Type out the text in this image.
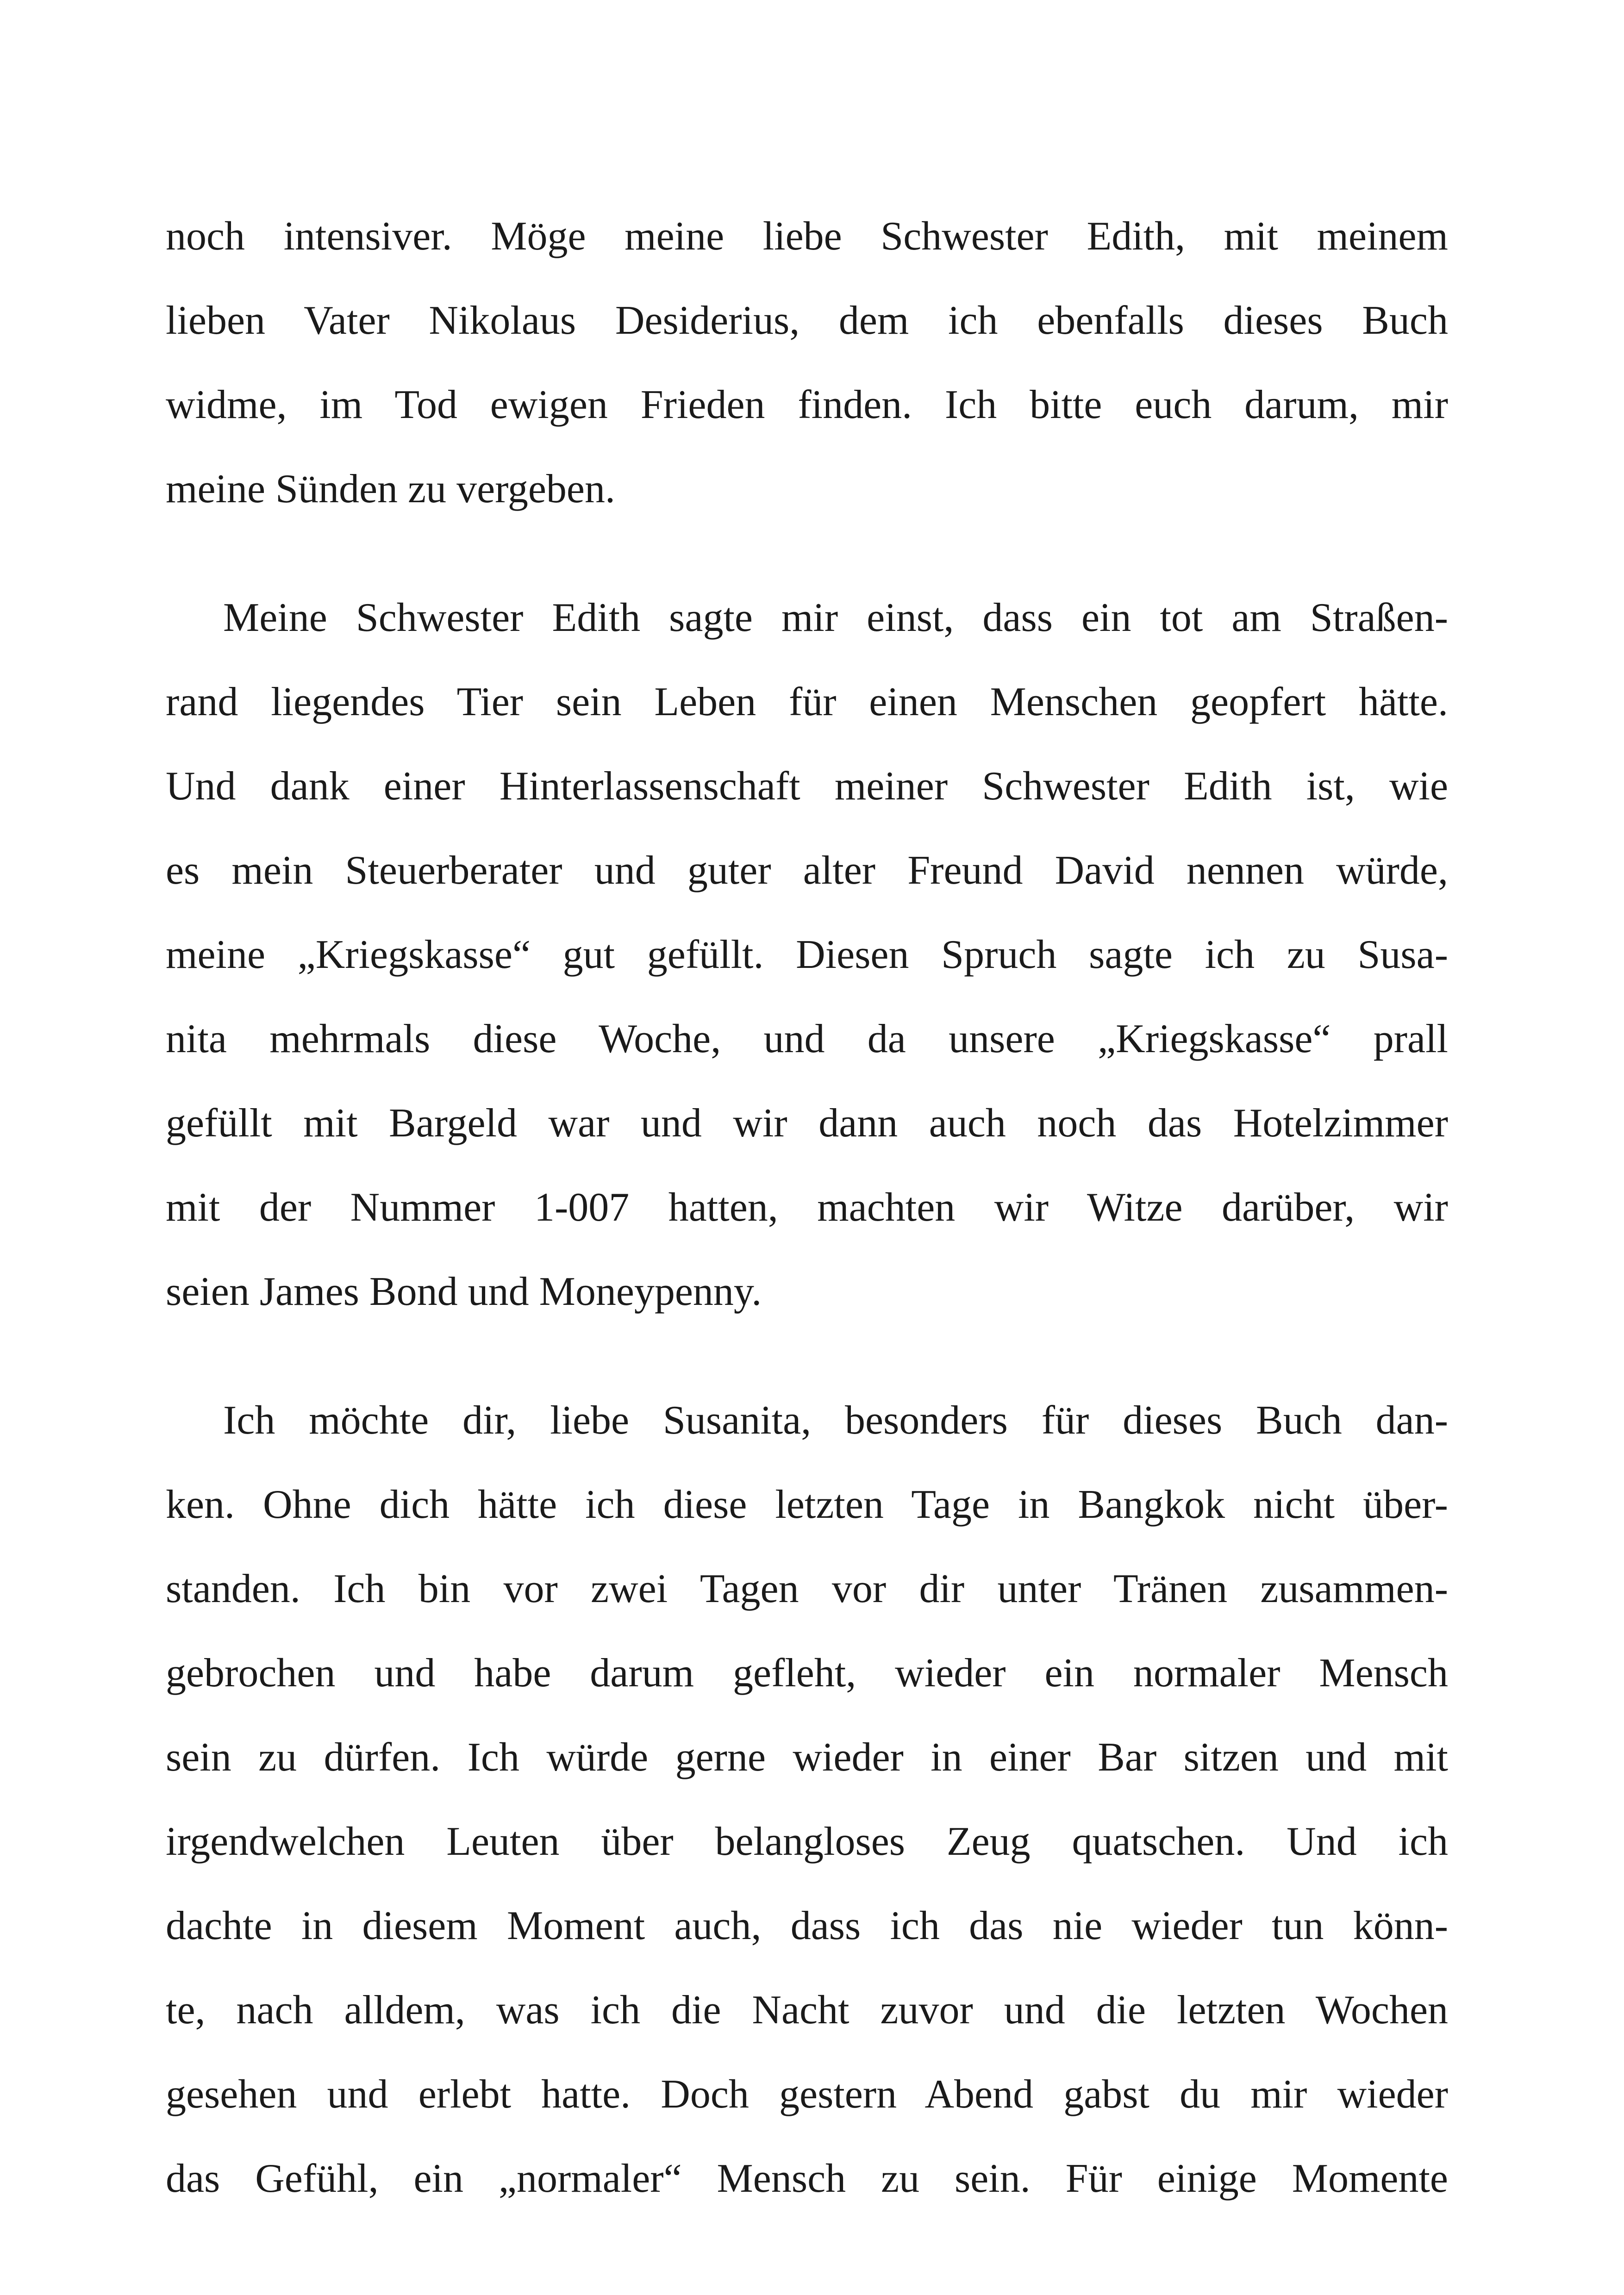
noch intensiver. Möge meine liebe Schwester Edith, mit meinem
lieben Vater Nikolaus Desiderius, dem ich ebenfalls dieses Buch
widme, im Tod ewigen Frieden finden. Ich bitte euch darum, mir
meine Sünden zu vergeben.
Meine Schwester Edith sagte mir einst, dass ein tot am Straßen-
rand liegendes Tier sein Leben für einen Menschen geopfert hätte.
Und dank einer Hinterlassenschaft meiner Schwester Edith ist, wie
es mein Steuerberater und guter alter Freund David nennen würde,
meine „Kriegskasse“ gut gefüllt. Diesen Spruch sagte ich zu Susa-
nita mehrmals diese Woche, und da unsere „Kriegskasse“ prall
gefüllt mit Bargeld war und wir dann auch noch das Hotelzimmer
mit der Nummer 1-007 hatten, machten wir Witze darüber, wir
seien James Bond und Moneypenny.
Ich möchte dir, liebe Susanita, besonders für dieses Buch dan-
ken. Ohne dich hätte ich diese letzten Tage in Bangkok nicht über-
standen. Ich bin vor zwei Tagen vor dir unter Tränen zusammen-
gebrochen und habe darum gefleht, wieder ein normaler Mensch
sein zu dürfen. Ich würde gerne wieder in einer Bar sitzen und mit
irgendwelchen Leuten über belangloses Zeug quatschen. Und ich
dachte in diesem Moment auch, dass ich das nie wieder tun könn-
te, nach alldem, was ich die Nacht zuvor und die letzten Wochen
gesehen und erlebt hatte. Doch gestern Abend gabst du mir wieder
das Gefühl, ein „normaler“ Mensch zu sein. Für einige Momente
